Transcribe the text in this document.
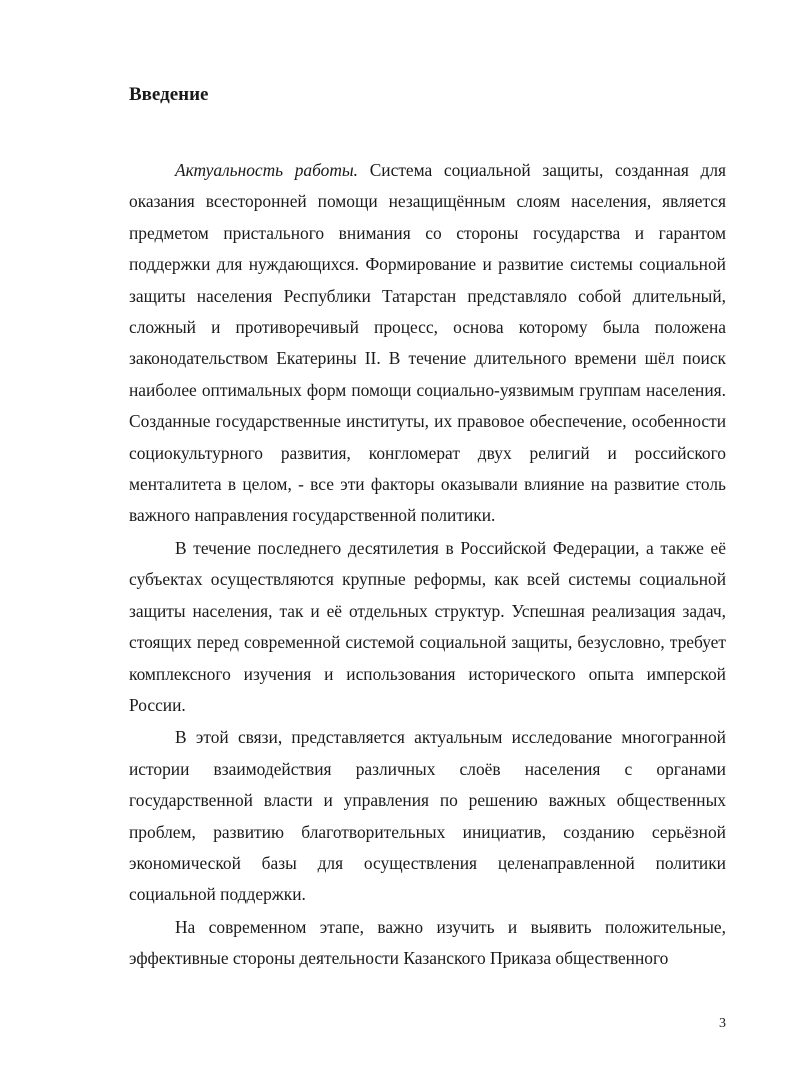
Введение

Актуальность работы. Система социальной защиты, созданная для оказания всесторонней помощи незащищённым слоям населения, является предметом пристального внимания со стороны государства и гарантом поддержки для нуждающихся. Формирование и развитие системы социальной защиты населения Республики Татарстан представляло собой длительный, сложный и противоречивый процесс, основа которому была положена законодательством Екатерины II. В течение длительного времени шёл поиск наиболее оптимальных форм помощи социально-уязвимым группам населения. Созданные государственные институты, их правовое обеспечение, особенности социокультурного развития, конгломерат двух религий и российского менталитета в целом, - все эти факторы оказывали влияние на развитие столь важного направления государственной политики.

В течение последнего десятилетия в Российской Федерации, а также её субъектах осуществляются крупные реформы, как всей системы социальной защиты населения, так и её отдельных структур. Успешная реализация задач, стоящих перед современной системой социальной защиты, безусловно, требует комплексного изучения и использования исторического опыта имперской России.

В этой связи, представляется актуальным исследование многогранной истории взаимодействия различных слоёв населения с органами государственной власти и управления по решению важных общественных проблем, развитию благотворительных инициатив, созданию серьёзной экономической базы для осуществления целенаправленной политики социальной поддержки.

На современном этапе, важно изучить и выявить положительные, эффективные стороны деятельности Казанского Приказа общественного

3
